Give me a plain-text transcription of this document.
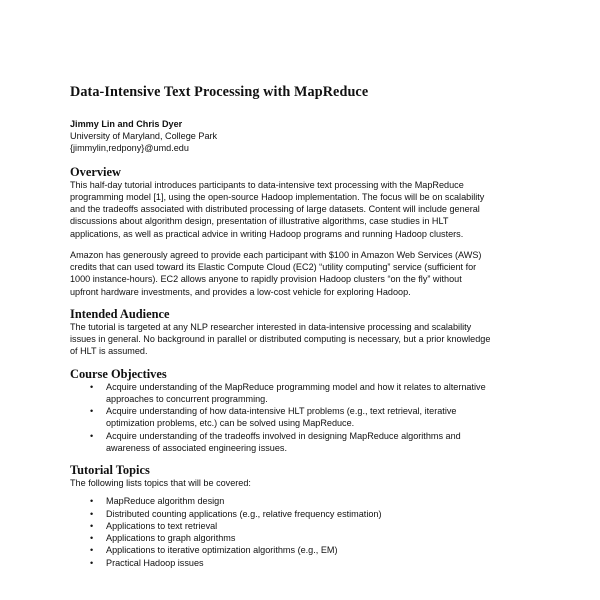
Data-Intensive Text Processing with MapReduce
Jimmy Lin and Chris Dyer
University of Maryland, College Park
{jimmylin,redpony}@umd.edu
Overview

This half-day tutorial introduces participants to data-intensive text processing with the MapReduce
programming model [1], using the open-source Hadoop implementation. The focus will be on scalability
and the tradeoffs associated with distributed processing of large datasets. Content will include general
discussions about algorithm design, presentation of illustrative algorithms, case studies in HLT
applications, as well as practical advice in writing Hadoop programs and running Hadoop clusters.

Amazon has generously agreed to provide each participant with $100 in Amazon Web Services (AWS)
credits that can used toward its Elastic Compute Cloud (EC2) “utility computing” service (sufficient for
1000 instance-hours). EC2 allows anyone to rapidly provision Hadoop clusters “on the fly” without
upfront hardware investments, and provides a low-cost vehicle for exploring Hadoop.

Intended Audience

The tutorial is targeted at any NLP researcher interested in data-intensive processing and scalability
issues in general. No background in parallel or distributed computing is necessary, but a prior knowledge
of HLT is assumed.

Course Objectives
• Acquire understanding of the MapReduce programming model and how it relates to alternative
approaches to concurrent programming.
• Acquire understanding of how data-intensive HLT problems (e.g., text retrieval, iterative
optimization problems, etc.) can be solved using MapReduce.
• Acquire understanding of the tradeoffs involved in designing MapReduce algorithms and
awareness of associated engineering issues.
Tutorial Topics

The following lists topics that will be covered:

• MapReduce algorithm design
• Distributed counting applications (e.g., relative frequency estimation)
• Applications to text retrieval
• Applications to graph algorithms
• Applications to iterative optimization algorithms (e.g., EM)
• Practical Hadoop issues
